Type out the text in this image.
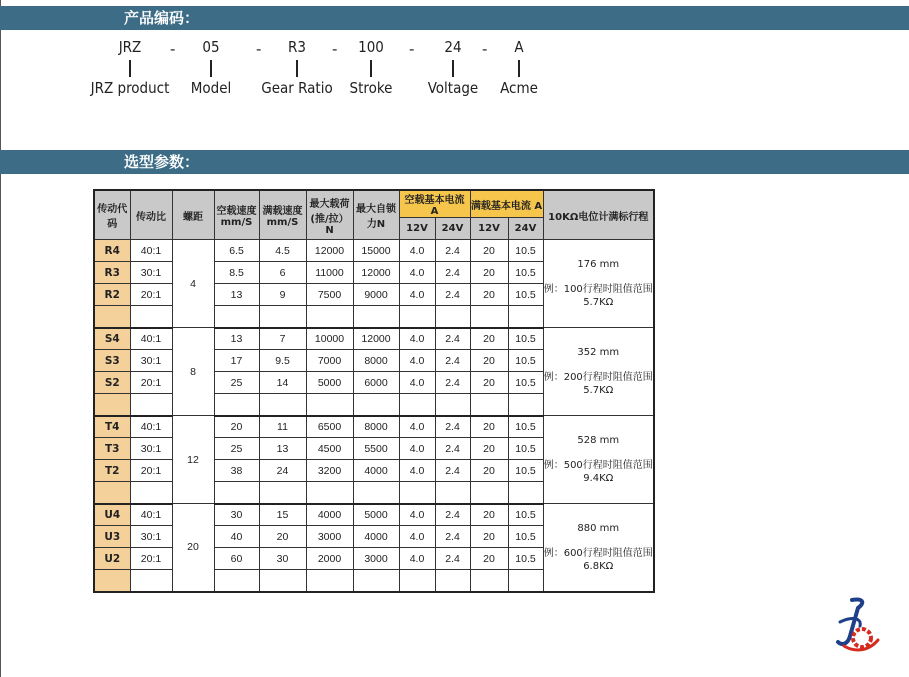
产品编码：
JRZ
JRZ product
-	05
Model
-	R3
Gear Ratio
-	100
Stroke
-	24
Voltage
-	A
Acme
选型参数：
传动代码	传动比	螺距	空载速度mm/S	满载速度mm/S	最大载荷(推/拉）N	最大自锁力N	空载基本电流 A		满载基本电流 A		10KΩ电位计满标行程
							12V	24V	12V	24V	
R4	40:1	4	6.5	4.5	12000	15000	4.0	2.4	20	10.5	176 mm
例：100行程时阻值范围5.7KΩ
R3	30:1		8.5	6	11000	12000	4.0	2.4	20	10.5	
R2	20:1		13	9	7500	9000	4.0	2.4	20	10.5	

S4	40:1	8	13	7	10000	12000	4.0	2.4	20	10.5	352 mm
例：200行程时阻值范围5.7KΩ
S3	30:1		17	9.5	7000	8000	4.0	2.4	20	10.5	
S2	20:1		25	14	5000	6000	4.0	2.4	20	10.5	

T4	40:1	12	20	11	6500	8000	4.0	2.4	20	10.5	528 mm
例：500行程时阻值范围9.4KΩ
T3	30:1		25	13	4500	5500	4.0	2.4	20	10.5	
T2	20:1		38	24	3200	4000	4.0	2.4	20	10.5	

U4	40:1	20	30	15	4000	5000	4.0	2.4	20	10.5	880 mm
例：600行程时阻值范围6.8KΩ
U3	30:1		40	20	3000	4000	4.0	2.4	20	10.5	
U2	20:1		60	30	2000	3000	4.0	2.4	20	10.5	
